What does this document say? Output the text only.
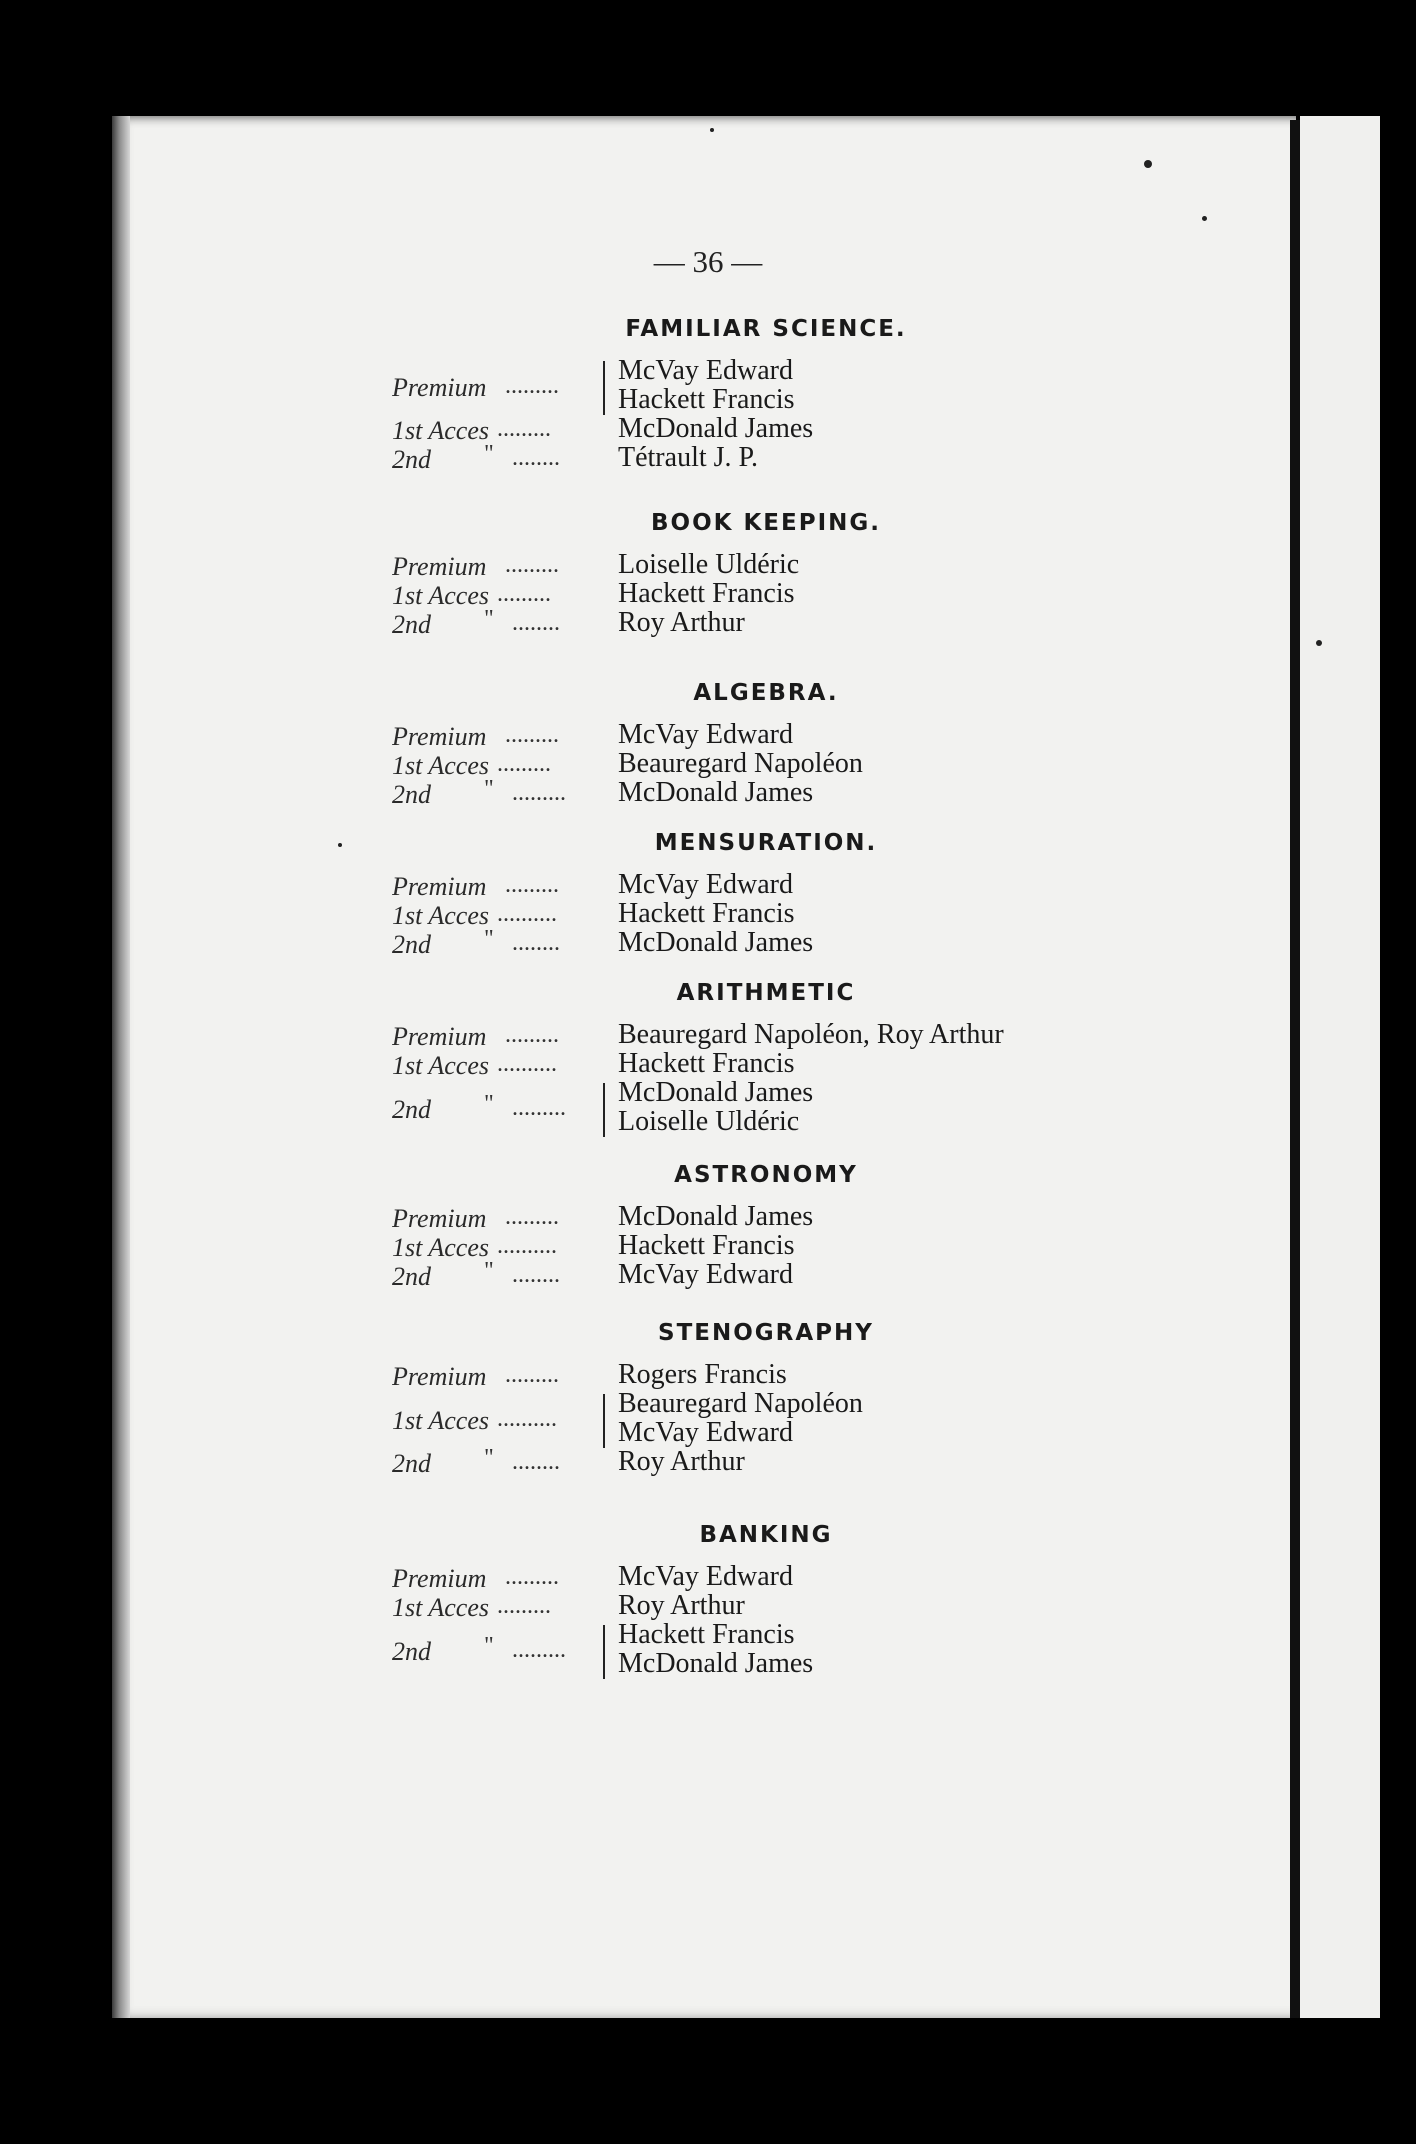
— 36 —
FAMILIAR SCIENCE.
Premium ......... McVay Edward
Hackett Francis
1st Acces ......... McDonald James
2nd	" ........ Tétrault J. P.
BOOK KEEPING.
Premium ......... Loiselle Uldéric
1st Acces ......... Hackett Francis
2nd	" ........ Roy Arthur
ALGEBRA.
Premium ......... McVay Edward
1st Acces ......... Beauregard Napoléon
2nd	" ......... McDonald James
MENSURATION.
Premium ......... McVay Edward
1st Acces .......... Hackett Francis
2nd	" ........ McDonald James
ARITHMETIC
Premium ......... Beauregard Napoléon, Roy Arthur
1st Acces .......... Hackett Francis
2nd	" ......... McDonald James
Loiselle Uldéric
ASTRONOMY
Premium ......... McDonald James
1st Acces .......... Hackett Francis
2nd	" ........ McVay Edward
STENOGRAPHY
Premium ......... Rogers Francis
1st Acces .......... Beauregard Napoléon
McVay Edward
2nd	" ........ Roy Arthur
BANKING
Premium ......... McVay Edward
1st Acces ......... Roy Arthur
2nd	" ......... Hackett Francis
McDonald James
